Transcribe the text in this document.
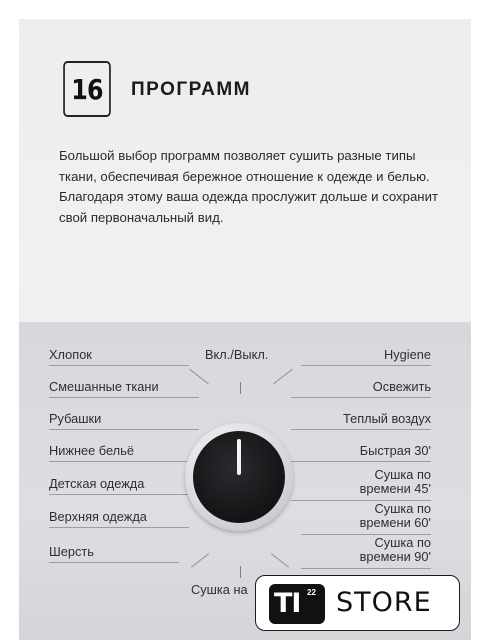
16 ПРОГРАММ
Большой выбор программ позволяет сушить разные типы ткани, обеспечивая бережное отношение к одежде и белью. Благодаря этому ваша одежда прослужит дольше и сохранит свой первоначальный вид.
Хлопок
Смешанные ткани
Рубашки
Нижнее бельё
Детская одежда
Верхняя одежда
Шерсть
Hygiene
Освежить
Теплый воздух
Быстрая 30'
Сушка по времени 45'
Сушка по времени 60'
Сушка по времени 90'
Вкл./Выкл.
Сушка на TI 22 STORE
